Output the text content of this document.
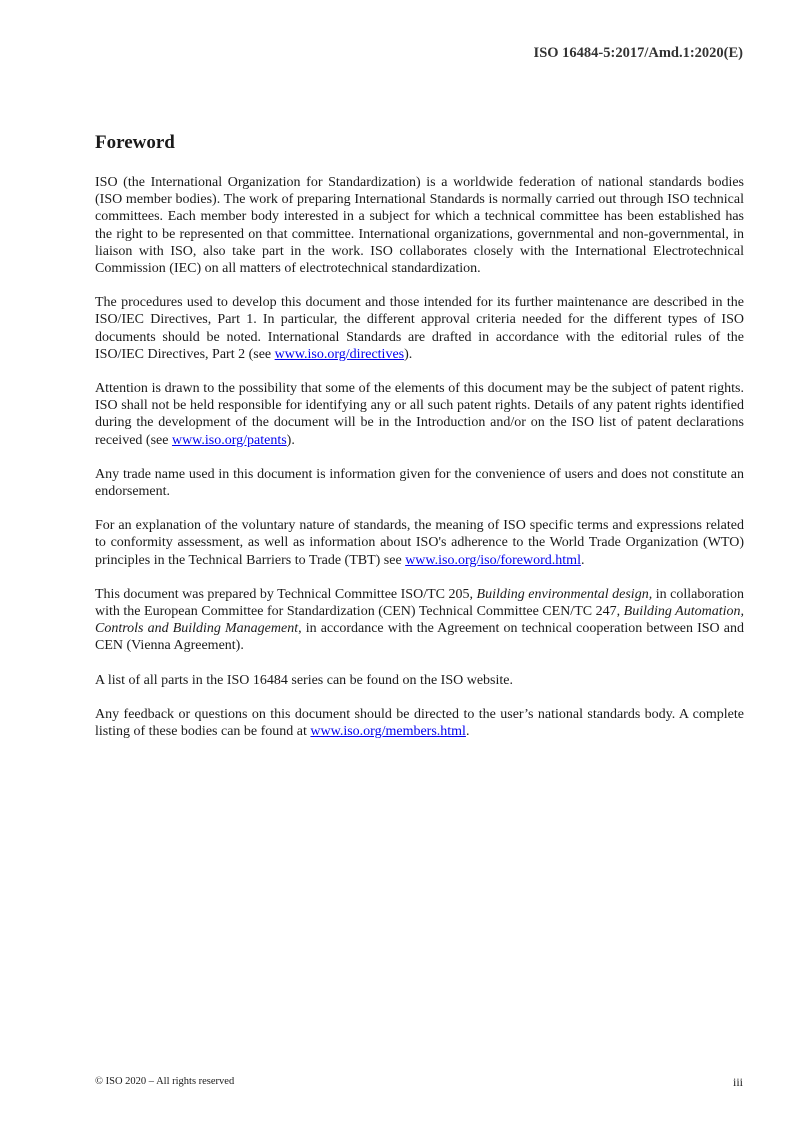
ISO 16484-5:2017/Amd.1:2020(E)
Foreword

ISO (the International Organization for Standardization) is a worldwide federation of national standards bodies (ISO member bodies). The work of preparing International Standards is normally carried out through ISO technical committees. Each member body interested in a subject for which a technical committee has been established has the right to be represented on that committee. International organizations, governmental and non-governmental, in liaison with ISO, also take part in the work. ISO collaborates closely with the International Electrotechnical Commission (IEC) on all matters of electrotechnical standardization.

The procedures used to develop this document and those intended for its further maintenance are described in the ISO/IEC Directives, Part 1. In particular, the different approval criteria needed for the different types of ISO documents should be noted. International Standards are drafted in accordance with the editorial rules of the ISO/IEC Directives, Part 2 (see www.iso.org/directives).

Attention is drawn to the possibility that some of the elements of this document may be the subject of patent rights. ISO shall not be held responsible for identifying any or all such patent rights. Details of any patent rights identified during the development of the document will be in the Introduction and/or on the ISO list of patent declarations received (see www.iso.org/patents).

Any trade name used in this document is information given for the convenience of users and does not constitute an endorsement.

For an explanation of the voluntary nature of standards, the meaning of ISO specific terms and expressions related to conformity assessment, as well as information about ISO's adherence to the World Trade Organization (WTO) principles in the Technical Barriers to Trade (TBT) see www.iso.org/iso/foreword.html.

This document was prepared by Technical Committee ISO/TC 205, Building environmental design, in collaboration with the European Committee for Standardization (CEN) Technical Committee CEN/TC 247, Building Automation, Controls and Building Management, in accordance with the Agreement on technical cooperation between ISO and CEN (Vienna Agreement).

A list of all parts in the ISO 16484 series can be found on the ISO website.

Any feedback or questions on this document should be directed to the user’s national standards body. A complete listing of these bodies can be found at www.iso.org/members.html.

© ISO 2020 – All rights reserved	iii
